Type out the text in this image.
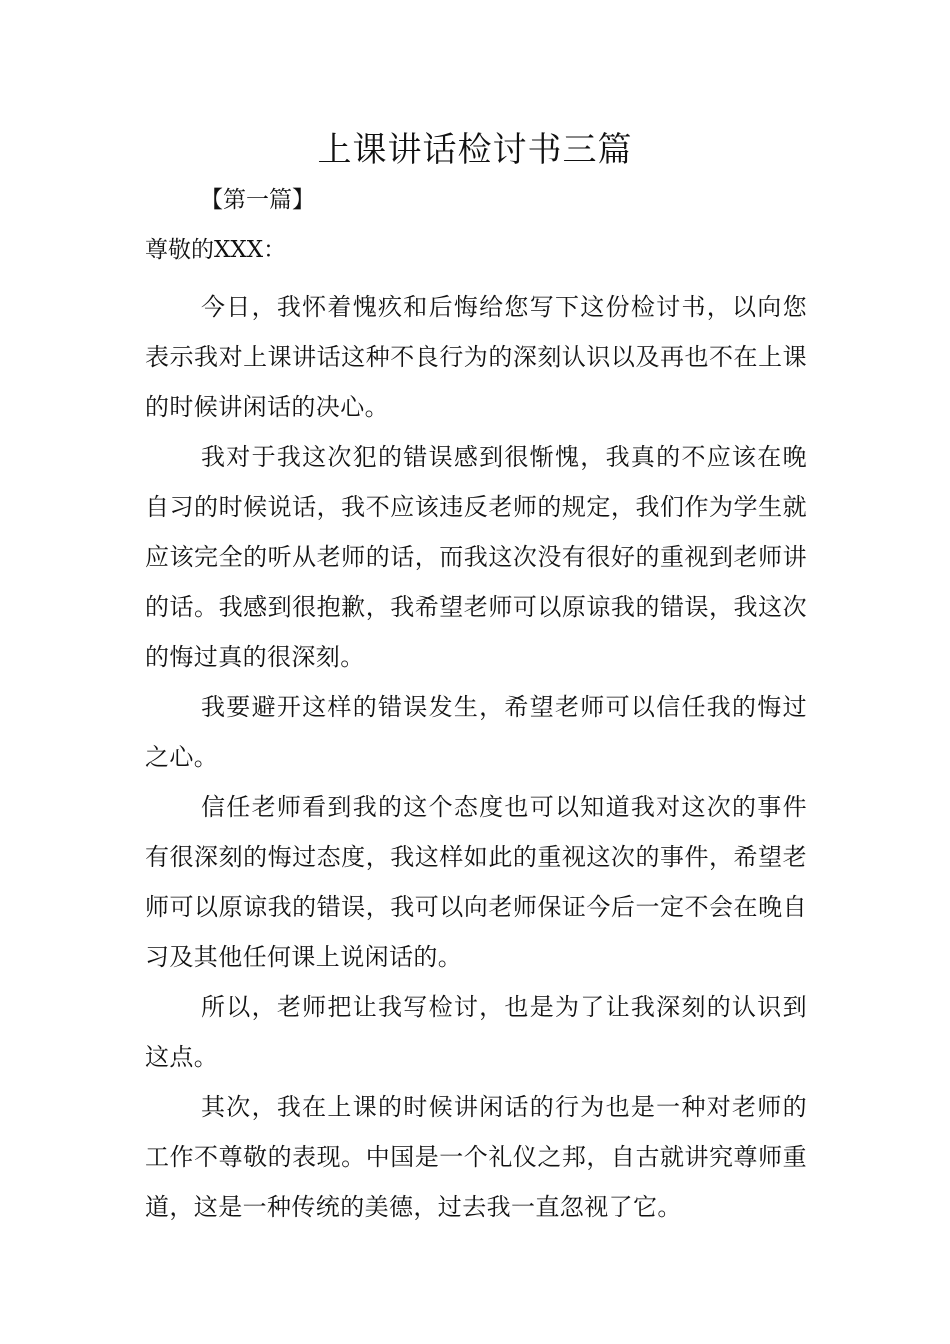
上课讲话检讨书三篇

【第一篇】

尊敬的XXX：

今日，我怀着愧疚和后悔给您写下这份检讨书，以向您表示我对上课讲话这种不良行为的深刻认识以及再也不在上课的时候讲闲话的决心。

我对于我这次犯的错误感到很惭愧，我真的不应该在晚自习的时候说话，我不应该违反老师的规定，我们作为学生就应该完全的听从老师的话，而我这次没有很好的重视到老师讲的话。我感到很抱歉，我希望老师可以原谅我的错误，我这次的悔过真的很深刻。

我要避开这样的错误发生，希望老师可以信任我的悔过之心。

信任老师看到我的这个态度也可以知道我对这次的事件有很深刻的悔过态度，我这样如此的重视这次的事件，希望老师可以原谅我的错误，我可以向老师保证今后一定不会在晚自习及其他任何课上说闲话的。

所以，老师把让我写检讨，也是为了让我深刻的认识到这点。

其次，我在上课的时候讲闲话的行为也是一种对老师的工作不尊敬的表现。中国是一个礼仪之邦，自古就讲究尊师重道，这是一种传统的美德，过去我一直忽视了它。
